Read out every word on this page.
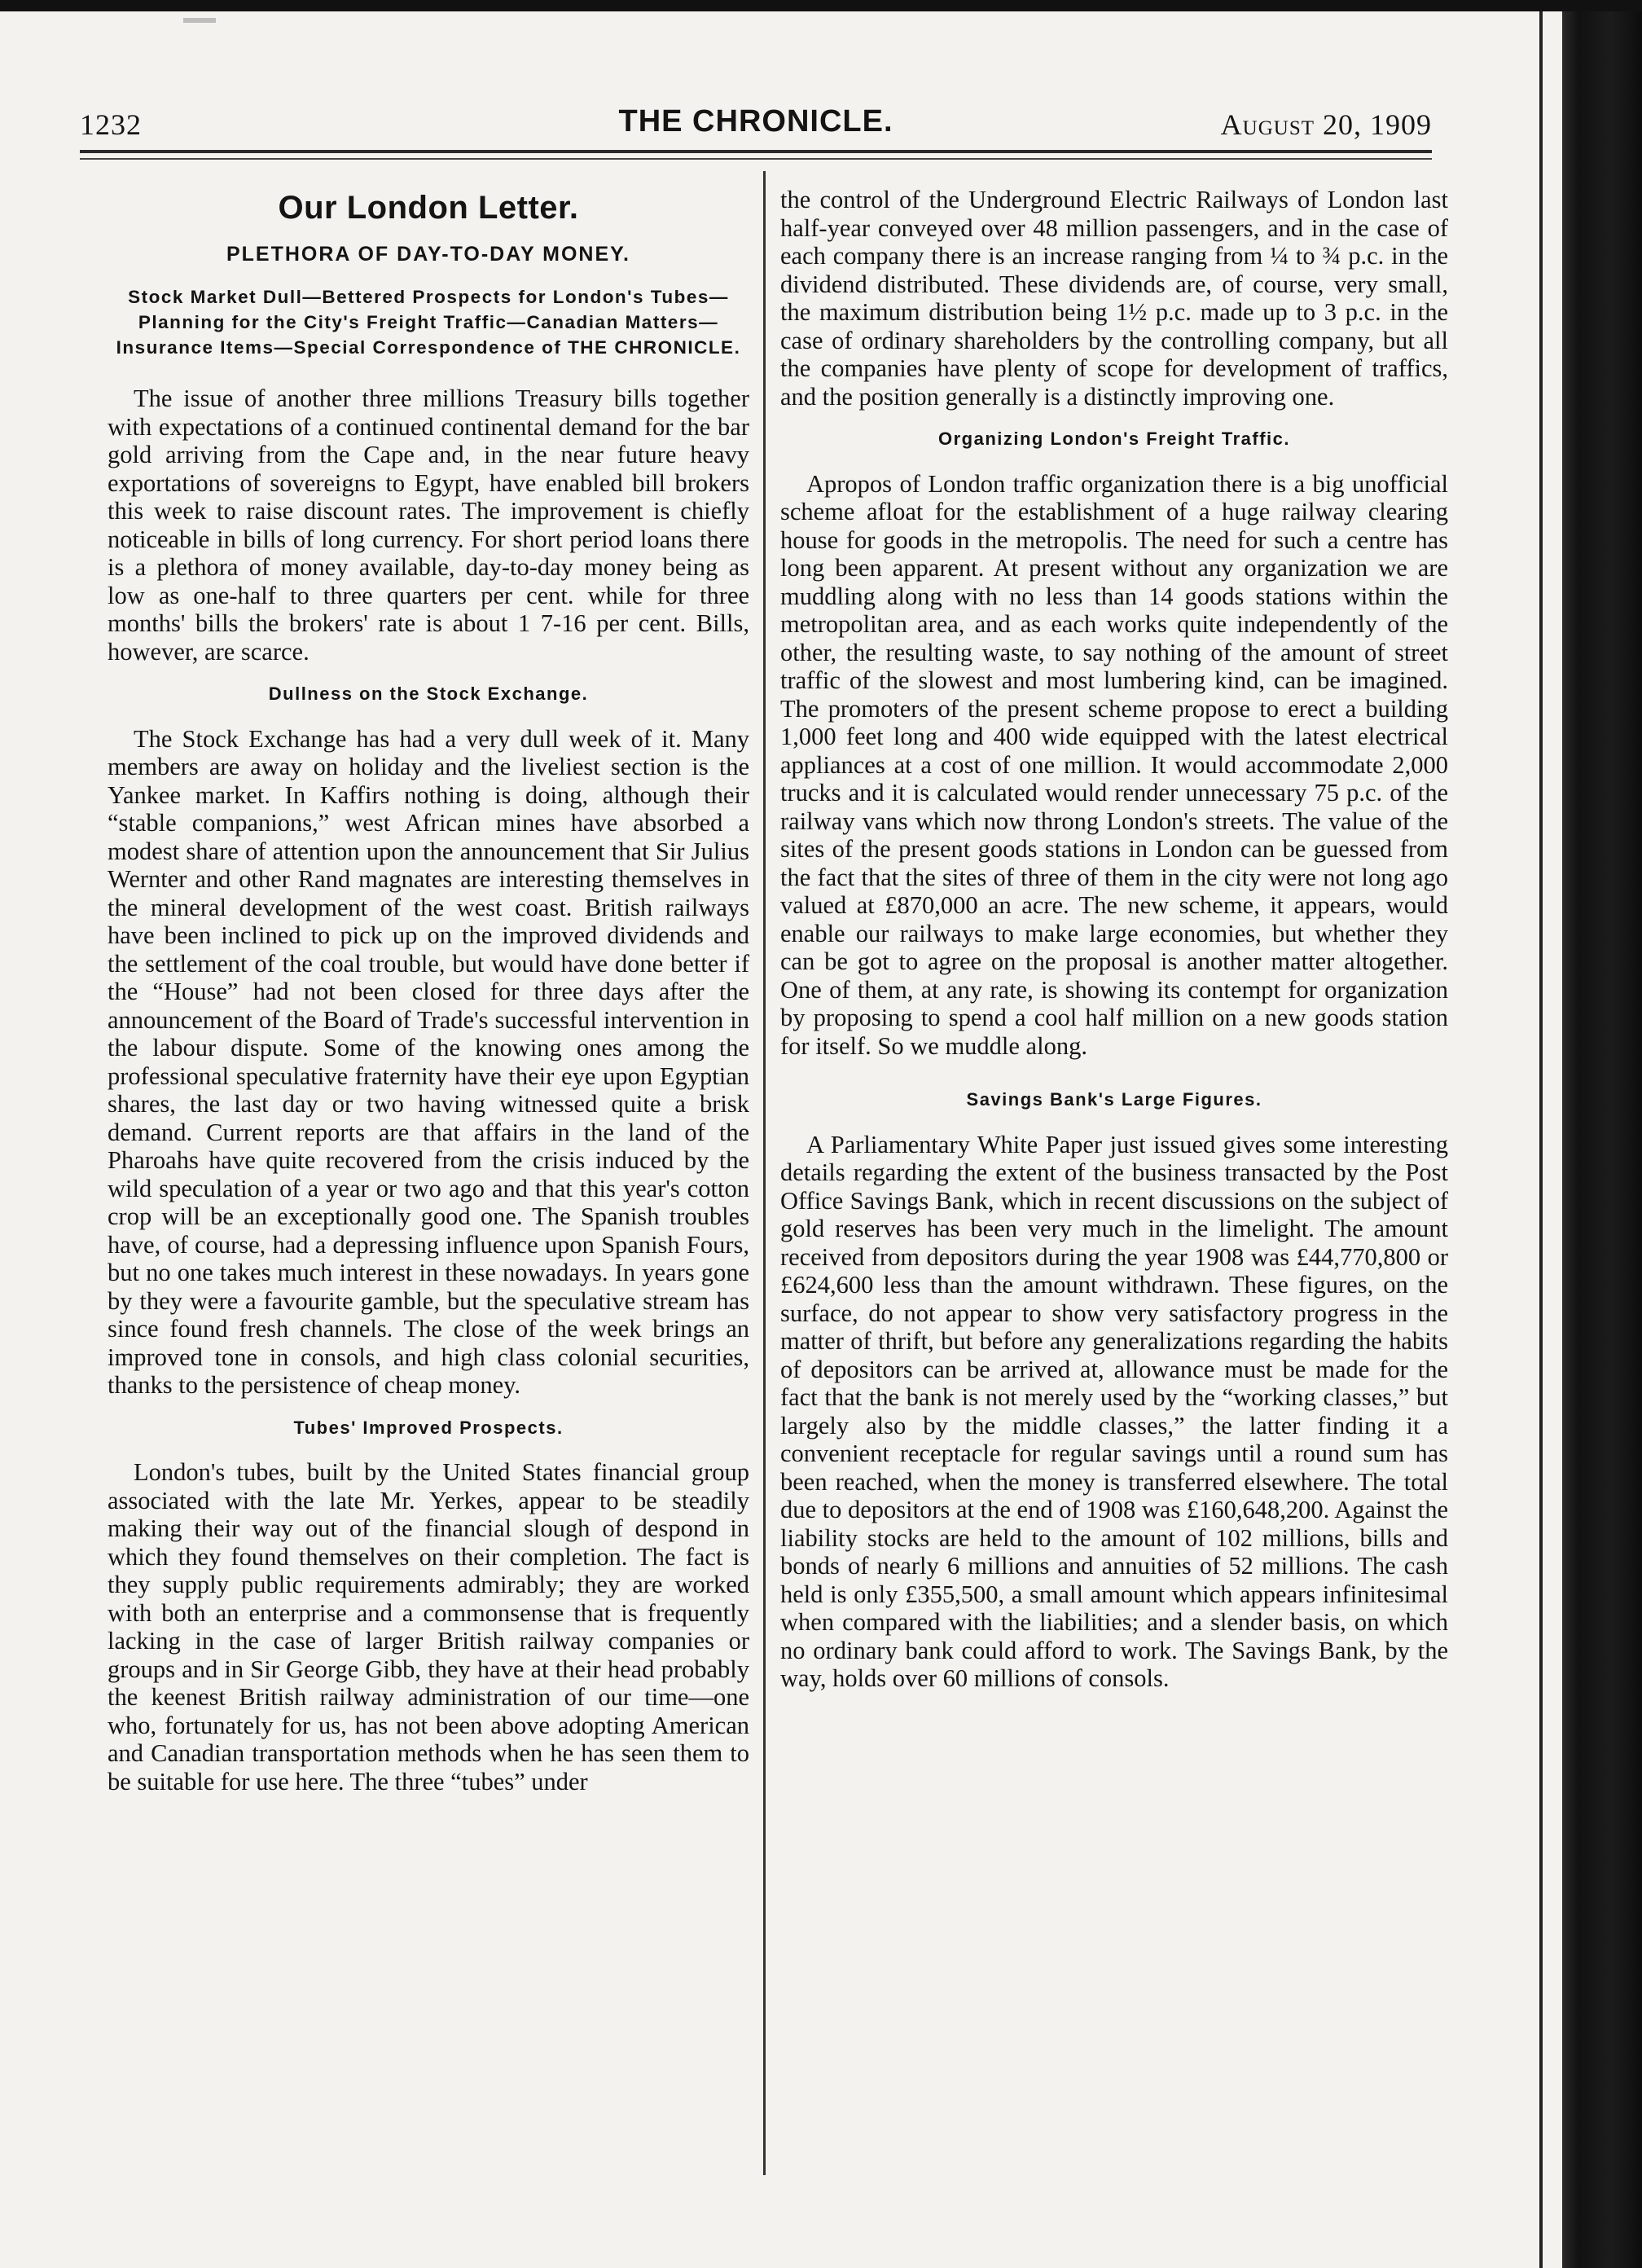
1232	THE CHRONICLE.	August 20, 1909
Our London Letter.
PLETHORA OF DAY-TO-DAY MONEY.
Stock Market Dull—Bettered Prospects for London's Tubes—Planning for the City's Freight Traffic—Canadian Matters—Insurance Items—Special Correspondence of THE CHRONICLE.

The issue of another three millions Treasury bills together with expectations of a continued continental demand for the bar gold arriving from the Cape and, in the near future heavy exportations of sovereigns to Egypt, have enabled bill brokers this week to raise discount rates. The improvement is chiefly noticeable in bills of long currency. For short period loans there is a plethora of money available, day-to-day money being as low as one-half to three quarters per cent. while for three months' bills the brokers' rate is about 1 7-16 per cent. Bills, however, are scarce.

Dullness on the Stock Exchange.

The Stock Exchange has had a very dull week of it. Many members are away on holiday and the liveliest section is the Yankee market. In Kaffirs nothing is doing, although their “stable companions,” west African mines have absorbed a modest share of attention upon the announcement that Sir Julius Wernter and other Rand magnates are interesting themselves in the mineral development of the west coast. British railways have been inclined to pick up on the improved dividends and the settlement of the coal trouble, but would have done better if the “House” had not been closed for three days after the announcement of the Board of Trade's successful intervention in the labour dispute. Some of the knowing ones among the professional speculative fraternity have their eye upon Egyptian shares, the last day or two having witnessed quite a brisk demand. Current reports are that affairs in the land of the Pharoahs have quite recovered from the crisis induced by the wild speculation of a year or two ago and that this year's cotton crop will be an exceptionally good one. The Spanish troubles have, of course, had a depressing influence upon Spanish Fours, but no one takes much interest in these nowadays. In years gone by they were a favourite gamble, but the speculative stream has since found fresh channels. The close of the week brings an improved tone in consols, and high class colonial securities, thanks to the persistence of cheap money.

Tubes' Improved Prospects.

London's tubes, built by the United States financial group associated with the late Mr. Yerkes, appear to be steadily making their way out of the financial slough of despond in which they found themselves on their completion. The fact is they supply public requirements admirably; they are worked with both an enterprise and a commonsense that is frequently lacking in the case of larger British railway companies or groups and in Sir George Gibb, they have at their head probably the keenest British railway administration of our time—one who, fortunately for us, has not been above adopting American and Canadian transportation methods when he has seen them to be suitable for use here. The three “tubes” under

the control of the Underground Electric Railways of London last half-year conveyed over 48 million passengers, and in the case of each company there is an increase ranging from ¼ to ¾ p.c. in the dividend distributed. These dividends are, of course, very small, the maximum distribution being 1½ p.c. made up to 3 p.c. in the case of ordinary shareholders by the controlling company, but all the companies have plenty of scope for development of traffics, and the position generally is a distinctly improving one.

Organizing London's Freight Traffic.

Apropos of London traffic organization there is a big unofficial scheme afloat for the establishment of a huge railway clearing house for goods in the metropolis. The need for such a centre has long been apparent. At present without any organization we are muddling along with no less than 14 goods stations within the metropolitan area, and as each works quite independently of the other, the resulting waste, to say nothing of the amount of street traffic of the slowest and most lumbering kind, can be imagined. The promoters of the present scheme propose to erect a building 1,000 feet long and 400 wide equipped with the latest electrical appliances at a cost of one million. It would accommodate 2,000 trucks and it is calculated would render unnecessary 75 p.c. of the railway vans which now throng London's streets. The value of the sites of the present goods stations in London can be guessed from the fact that the sites of three of them in the city were not long ago valued at £870,000 an acre. The new scheme, it appears, would enable our railways to make large economies, but whether they can be got to agree on the proposal is another matter altogether. One of them, at any rate, is showing its contempt for organization by proposing to spend a cool half million on a new goods station for itself. So we muddle along.

Savings Bank's Large Figures.

A Parliamentary White Paper just issued gives some interesting details regarding the extent of the business transacted by the Post Office Savings Bank, which in recent discussions on the subject of gold reserves has been very much in the limelight. The amount received from depositors during the year 1908 was £44,770,800 or £624,600 less than the amount withdrawn. These figures, on the surface, do not appear to show very satisfactory progress in the matter of thrift, but before any generalizations regarding the habits of depositors can be arrived at, allowance must be made for the fact that the bank is not merely used by the “working classes,” but largely also by the middle classes,” the latter finding it a convenient receptacle for regular savings until a round sum has been reached, when the money is transferred elsewhere. The total due to depositors at the end of 1908 was £160,648,200. Against the liability stocks are held to the amount of 102 millions, bills and bonds of nearly 6 millions and annuities of 52 millions. The cash held is only £355,500, a small amount which appears infinitesimal when compared with the liabilities; and a slender basis, on which no ordinary bank could afford to work. The Savings Bank, by the way, holds over 60 millions of consols.
